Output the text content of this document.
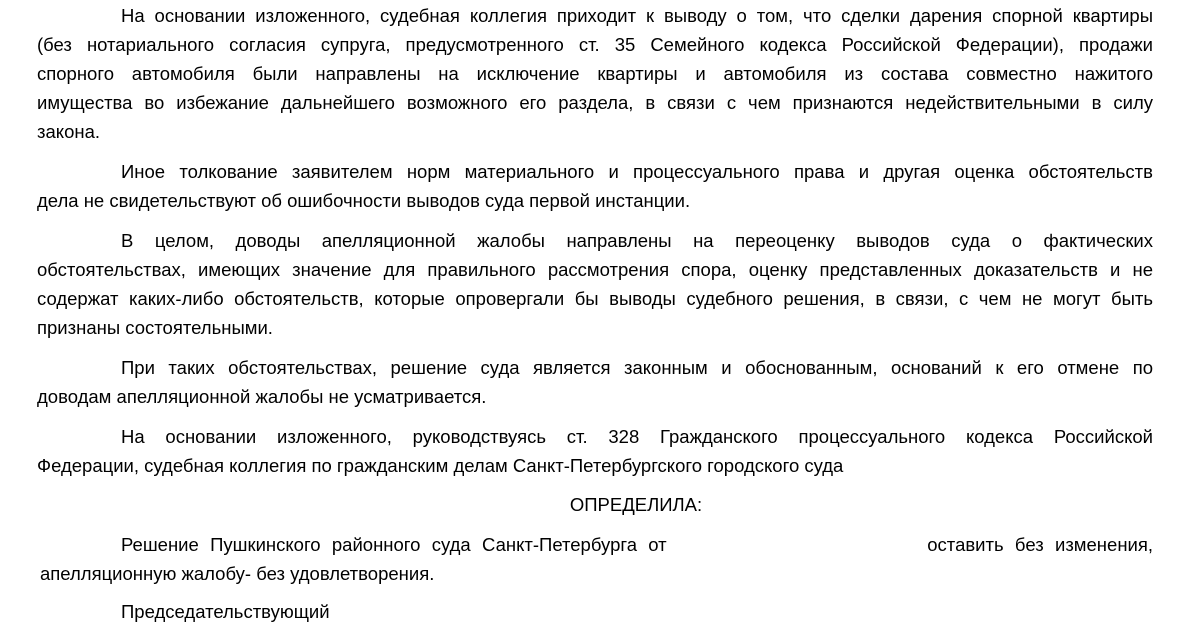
На основании изложенного, судебная коллегия приходит к выводу о том, что сделки дарения спорной квартиры
(без нотариального согласия супруга, предусмотренного ст. 35 Семейного кодекса Российской Федерации), продажи
спорного автомобиля были направлены на исключение квартиры и автомобиля из состава совместно нажитого
имущества во избежание дальнейшего возможного его раздела, в связи с чем признаются недействительными в силу
закона.
Иное толкование заявителем норм материального и процессуального права и другая оценка обстоятельств
дела не свидетельствуют об ошибочности выводов суда первой инстанции.
В целом, доводы апелляционной жалобы направлены на переоценку выводов суда о фактических
обстоятельствах, имеющих значение для правильного рассмотрения спора, оценку представленных доказательств и не
содержат каких-либо обстоятельств, которые опровергали бы выводы судебного решения, в связи, с чем не могут быть
признаны состоятельными.
При таких обстоятельствах, решение суда является законным и обоснованным, оснований к его отмене по
доводам апелляционной жалобы не усматривается.
На основании изложенного, руководствуясь ст. 328 Гражданского процессуального кодекса Российской
Федерации, судебная коллегия по гражданским делам Санкт-Петербургского городского суда
ОПРЕДЕЛИЛА:
Решение Пушкинского районного суда Санкт-Петербурга от	оставить без изменения,
апелляционную жалобу- без удовлетворения.
Председательствующий
